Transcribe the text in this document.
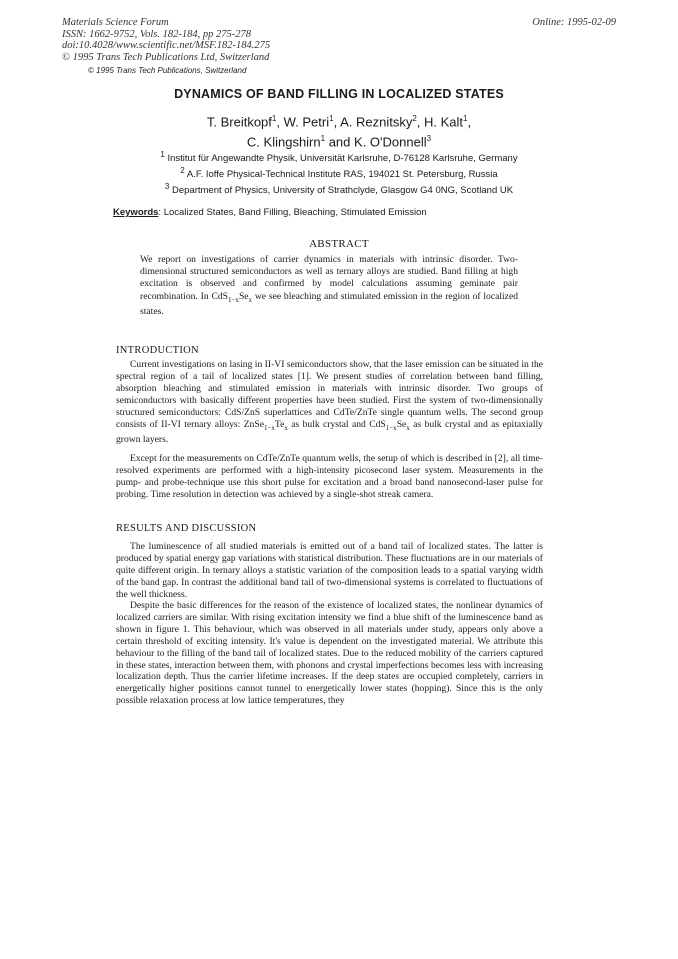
Materials Science Forum
ISSN: 1662-9752, Vols. 182-184, pp 275-278
doi:10.4028/www.scientific.net/MSF.182-184.275
© 1995 Trans Tech Publications Ltd, Switzerland
Online: 1995-02-09
© 1995 Trans Tech Publications, Switzerland
DYNAMICS OF BAND FILLING IN LOCALIZED STATES
T. Breitkopf$^1$, W. Petri$^1$, A. Reznitsky$^2$, H. Kalt$^1$,
C. Klingshirn$^1$ and K. O'Donnell$^3$
$^1$ Institut für Angewandte Physik, Universität Karlsruhe, D-76128 Karlsruhe, Germany
$^2$ A.F. Ioffe Physical-Technical Institute RAS, 194021 St. Petersburg, Russia
$^3$ Department of Physics, University of Strathclyde, Glasgow G4 0NG, Scotland UK
Keywords: Localized States, Band Filling, Bleaching, Stimulated Emission
ABSTRACT
We report on investigations of carrier dynamics in materials with intrinsic disorder. Two-dimensional structured semiconductors as well as ternary alloys are studied. Band filling at high excitation is observed and confirmed by model calculations assuming geminate pair recombination. In $CdS_{1-x}Se_x$ we see bleaching and stimulated emission in the region of localized states.
INTRODUCTION
Current investigations on lasing in II-VI semiconductors show, that the laser emission can be situated in the spectral region of a tail of localized states [1]. We present studies of correlation between band filling, absorption bleaching and stimulated emission in materials with intrinsic disorder. Two groups of semiconductors with basically different properties have been studied. First the system of two-dimensionally structured semiconductors: CdS/ZnS superlattices and CdTe/ZnTe single quantum wells. The second group consists of II-VI ternary alloys: $ZnSe_{1-x}Te_x$ as bulk crystal and $CdS_{1-x}Se_x$ as bulk crystal and as epitaxially grown layers.
Except for the measurements on CdTe/ZnTe quantum wells, the setup of which is described in [2], all time-resolved experiments are performed with a high-intensity picosecond laser system. Measurements in the pump- and probe-technique use this short pulse for excitation and a broad band nanosecond-laser pulse for probing. Time resolution in detection was achieved by a single-shot streak camera.
RESULTS AND DISCUSSION
The luminescence of all studied materials is emitted out of a band tail of localized states. The latter is produced by spatial energy gap variations with statistical distribution. These fluctuations are in our materials of quite different origin. In ternary alloys a statistic variation of the composition leads to a spatial varying width of the band gap. In contrast the additional band tail of two-dimensional systems is correlated to fluctuations of the well thickness.
Despite the basic differences for the reason of the existence of localized states, the nonlinear dynamics of localized carriers are similar. With rising excitation intensity we find a blue shift of the luminescence band as shown in figure 1. This behaviour, which was observed in all materials under study, appears only above a certain threshold of exciting intensity. It's value is dependent on the investigated material. We attribute this behaviour to the filling of the band tail of localized states. Due to the reduced mobility of the carriers captured in these states, interaction between them, with phonons and crystal imperfections becomes less with increasing localization depth. Thus the carrier lifetime increases. If the deep states are occupied completely, carriers in energetically higher positions cannot tunnel to energetically lower states (hopping). Since this is the only possible relaxation process at low lattice temperatures, they
